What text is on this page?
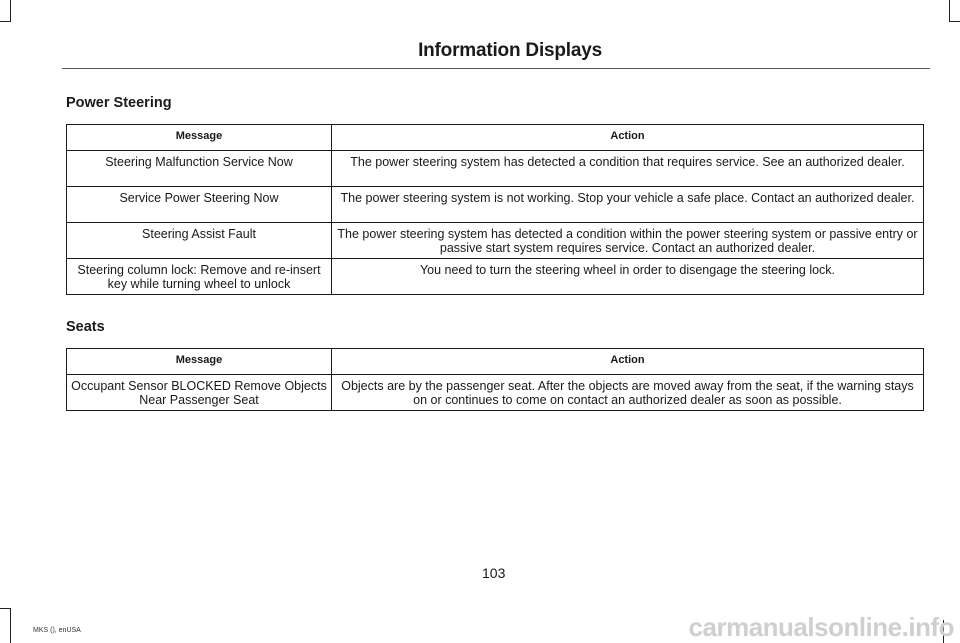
Information Displays
Power Steering
Message	Action
Steering Malfunction Service Now	The power steering system has detected a condition that requires service. See an authorized dealer.
Service Power Steering Now	The power steering system is not working. Stop your vehicle a safe place. Contact an authorized dealer.
Steering Assist Fault	The power steering system has detected a condition within the power steering system or passive entry or passive start system requires service. Contact an authorized dealer.
Steering column lock: Remove and re-insert key while turning wheel to unlock	You need to turn the steering wheel in order to disengage the steering lock.
Seats
Message	Action
Occupant Sensor BLOCKED Remove Objects Near Passenger Seat	Objects are by the passenger seat. After the objects are moved away from the seat, if the warning stays on or continues to come on contact an authorized dealer as soon as possible.
103
MKS (), enUSA	carmanualsonline.info
